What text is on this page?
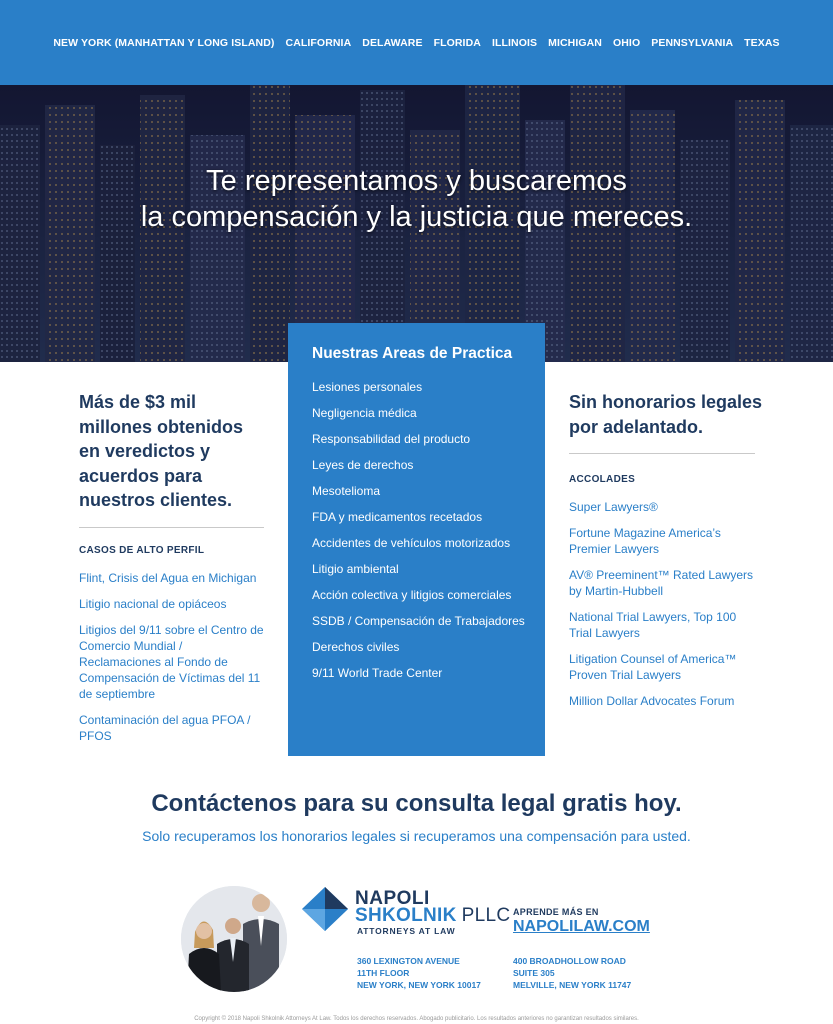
NEW YORK (MANHATTAN Y LONG ISLAND) CALIFORNIA DELAWARE FLORIDA ILLINOIS MICHIGAN OHIO PENNSYLVANIA TEXAS
Te representamos y buscaremos
la compensación y la justicia que mereces.
Más de $3 mil millones obtenidos en veredictos y acuerdos para nuestros clientes.
CASOS DE ALTO PERFIL
Flint, Crisis del Agua en Michigan
Litigio nacional de opiáceos
Litigios del 9/11 sobre el Centro de Comercio Mundial / Reclamaciones al Fondo de Compensación de Víctimas del 11 de septiembre
Contaminación del agua PFOA / PFOS
Nuestras Areas de Practica
Lesiones personales
Negligencia médica
Responsabilidad del producto
Leyes de derechos
Mesotelioma
FDA y medicamentos recetados
Accidentes de vehículos motorizados
Litigio ambiental
Acción colectiva y litigios comerciales
SSDB / Compensación de Trabajadores
Derechos civiles
9/11 World Trade Center
Sin honorarios legales
por adelantado.
ACCOLADES
Super Lawyers®
Fortune Magazine America’s Premier Lawyers
AV® Preeminent™ Rated Lawyers by Martin-Hubbell
National Trial Lawyers, Top 100 Trial Lawyers
Litigation Counsel of America™ Proven Trial Lawyers
Million Dollar Advocates Forum
Contáctenos para su consulta legal gratis hoy.

Solo recuperamos los honorarios legales si recuperamos una compensación para usted.

NAPOLI
SHKOLNIK PLLC
ATTORNEYS AT LAW
APRENDE MÁS EN
NAPOLILAW.COM
360 LEXINGTON AVENUE
11TH FLOOR
NEW YORK, NEW YORK 10017
400 BROADHOLLOW ROAD
SUITE 305
MELVILLE, NEW YORK 11747
Copyright © 2018 Napoli Shkolnik Attorneys At Law. Todos los derechos reservados. Abogado publicitario. Los resultados anteriores no garantizan resultados similares.
